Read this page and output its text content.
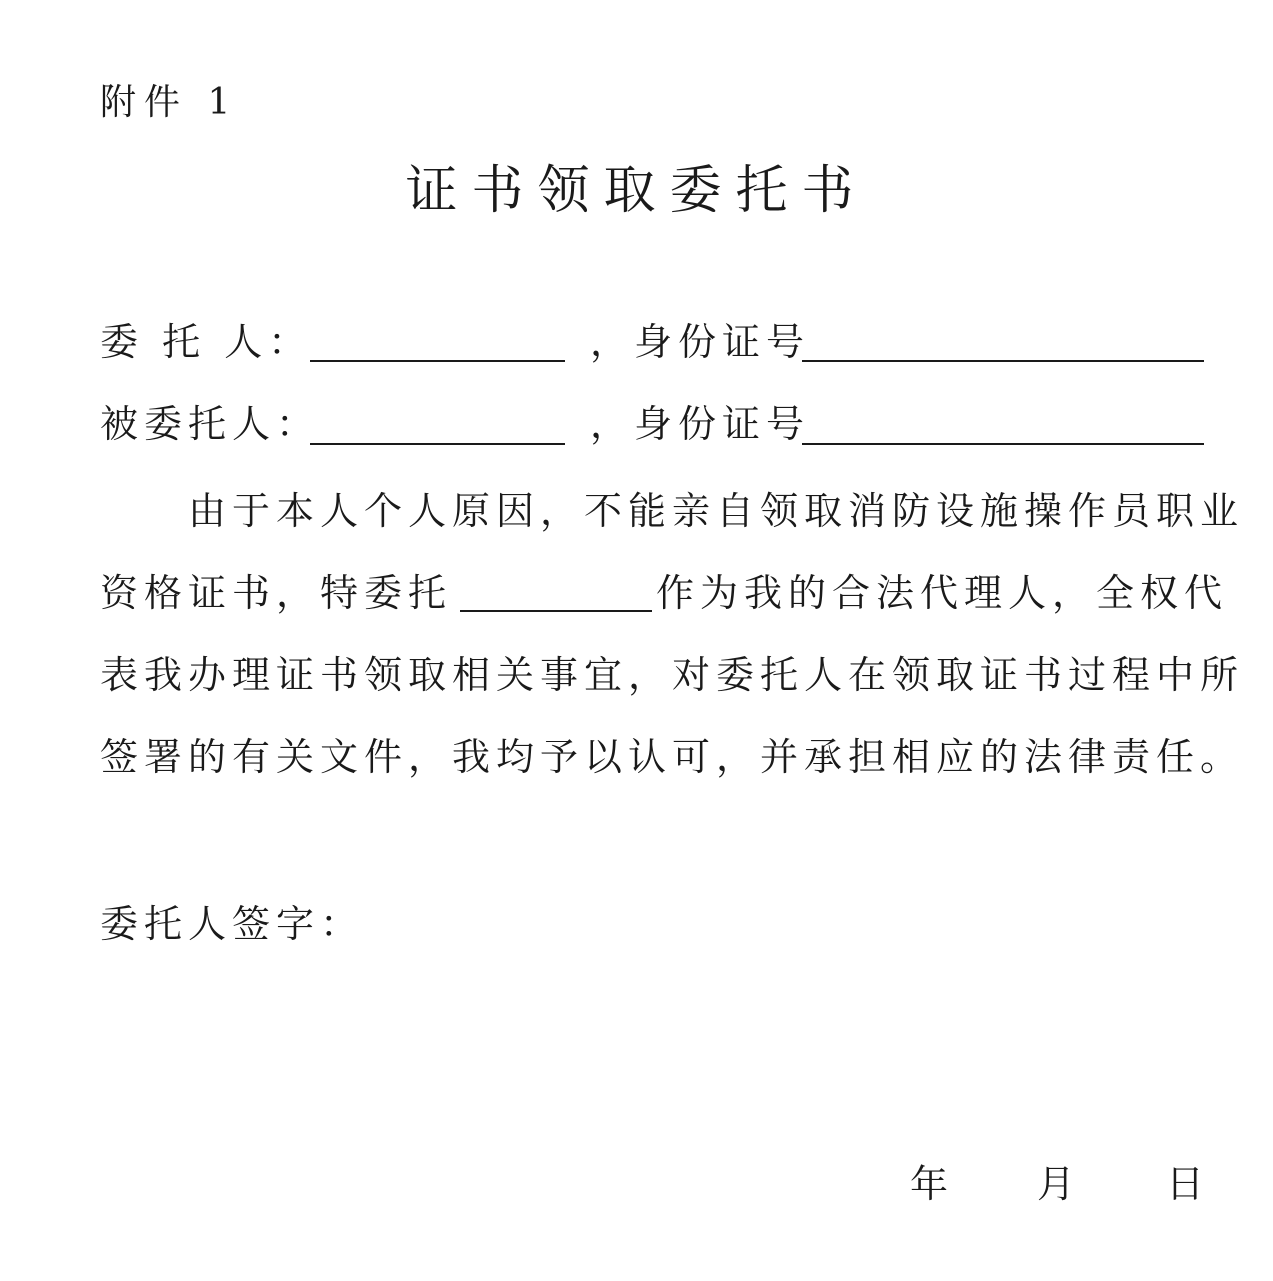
附件 1
证书领取委托书
委 托 人：	，身份证号
被委托人：	，身份证号
由于本人个人原因，不能亲自领取消防设施操作员职业
资格证书，特委托	作为我的合法代理人，全权代
表我办理证书领取相关事宜，对委托人在领取证书过程中所
签署的有关文件，我均予以认可，并承担相应的法律责任。
委托人签字：
年 月 日
